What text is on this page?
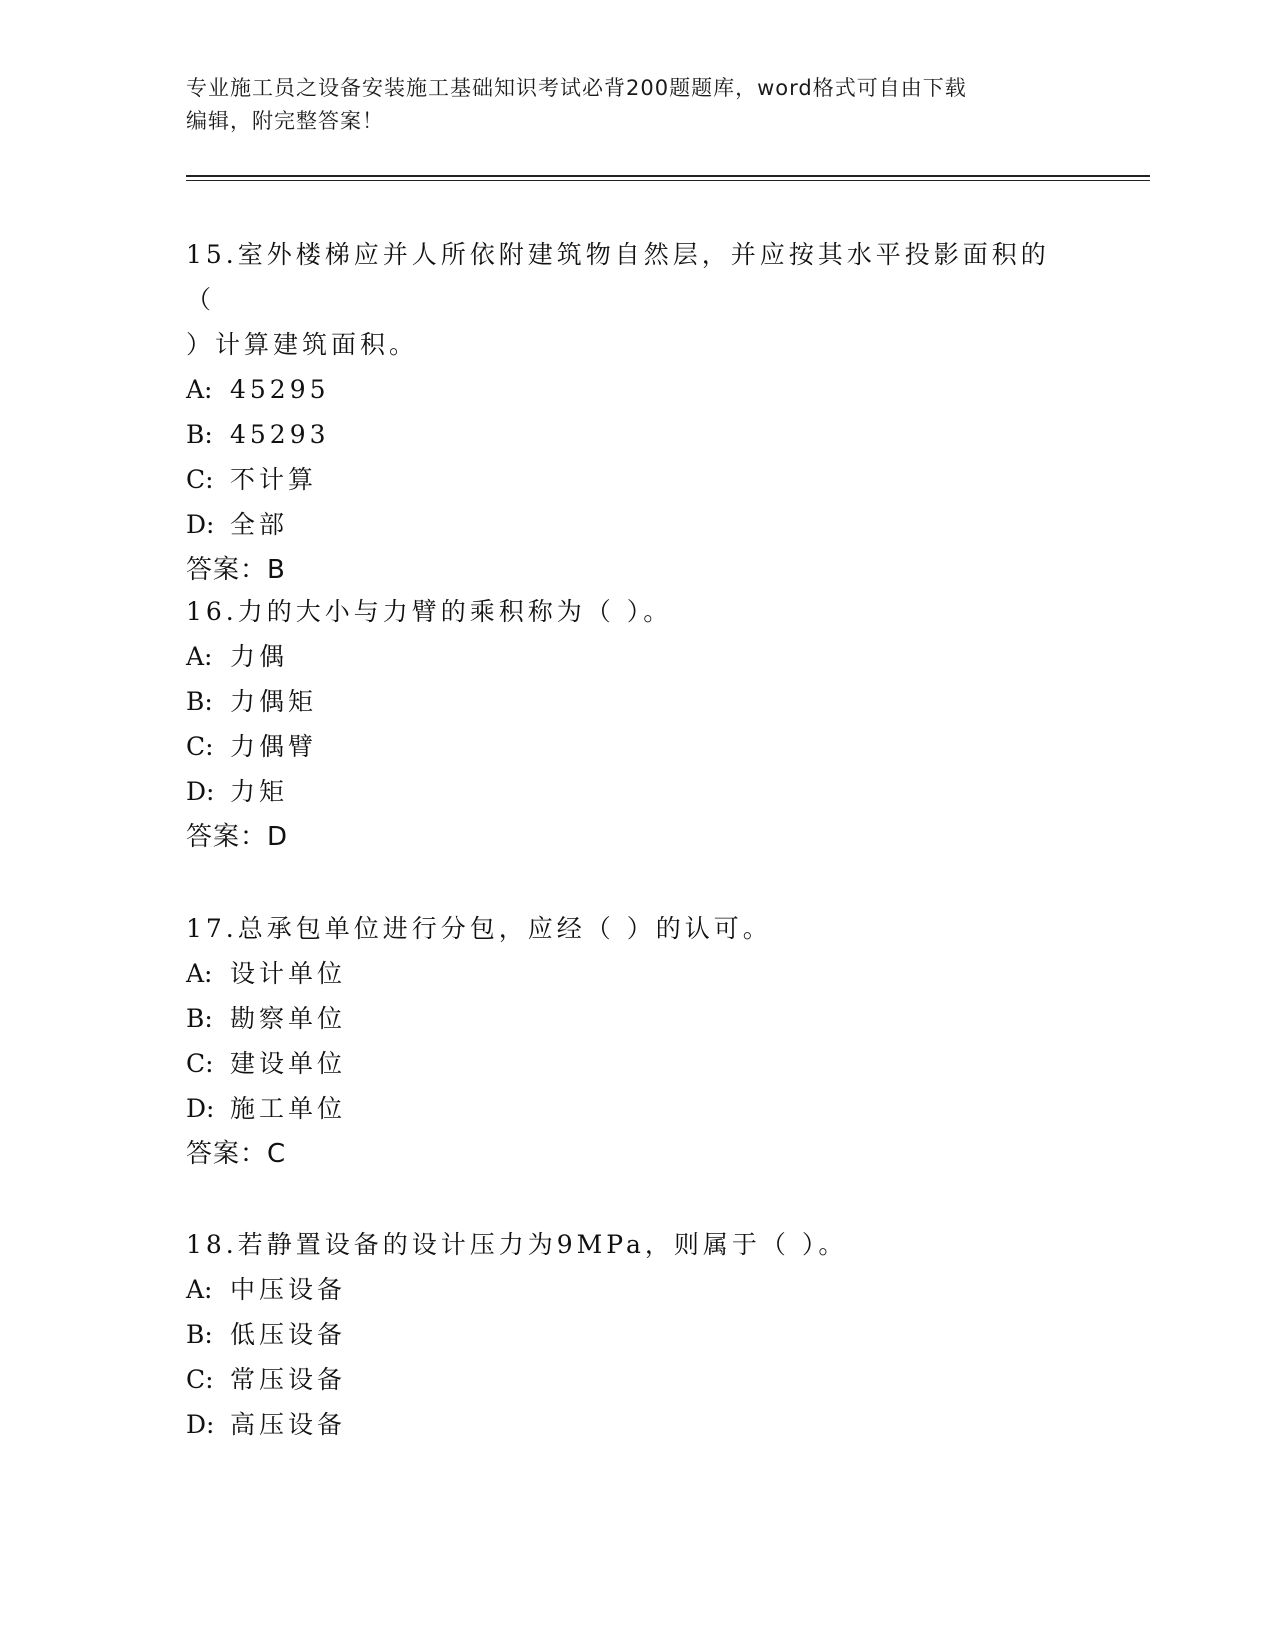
专业施工员之设备安装施工基础知识考试必背200题题库，word格式可自由下载
编辑，附完整答案！
15.室外楼梯应并人所依附建筑物自然层，并应按其水平投影面积的（
）计算建筑面积。
A: 45295
B: 45293
C: 不计算
D: 全部
答案：B
16.力的大小与力臂的乘积称为（ ）。
A: 力偶
B: 力偶矩
C: 力偶臂
D: 力矩
答案：D
17.总承包单位进行分包，应经（ ）的认可。
A: 设计单位
B: 勘察单位
C: 建设单位
D: 施工单位
答案：C
18.若静置设备的设计压力为9MPa，则属于（ ）。
A: 中压设备
B: 低压设备
C: 常压设备
D: 高压设备
